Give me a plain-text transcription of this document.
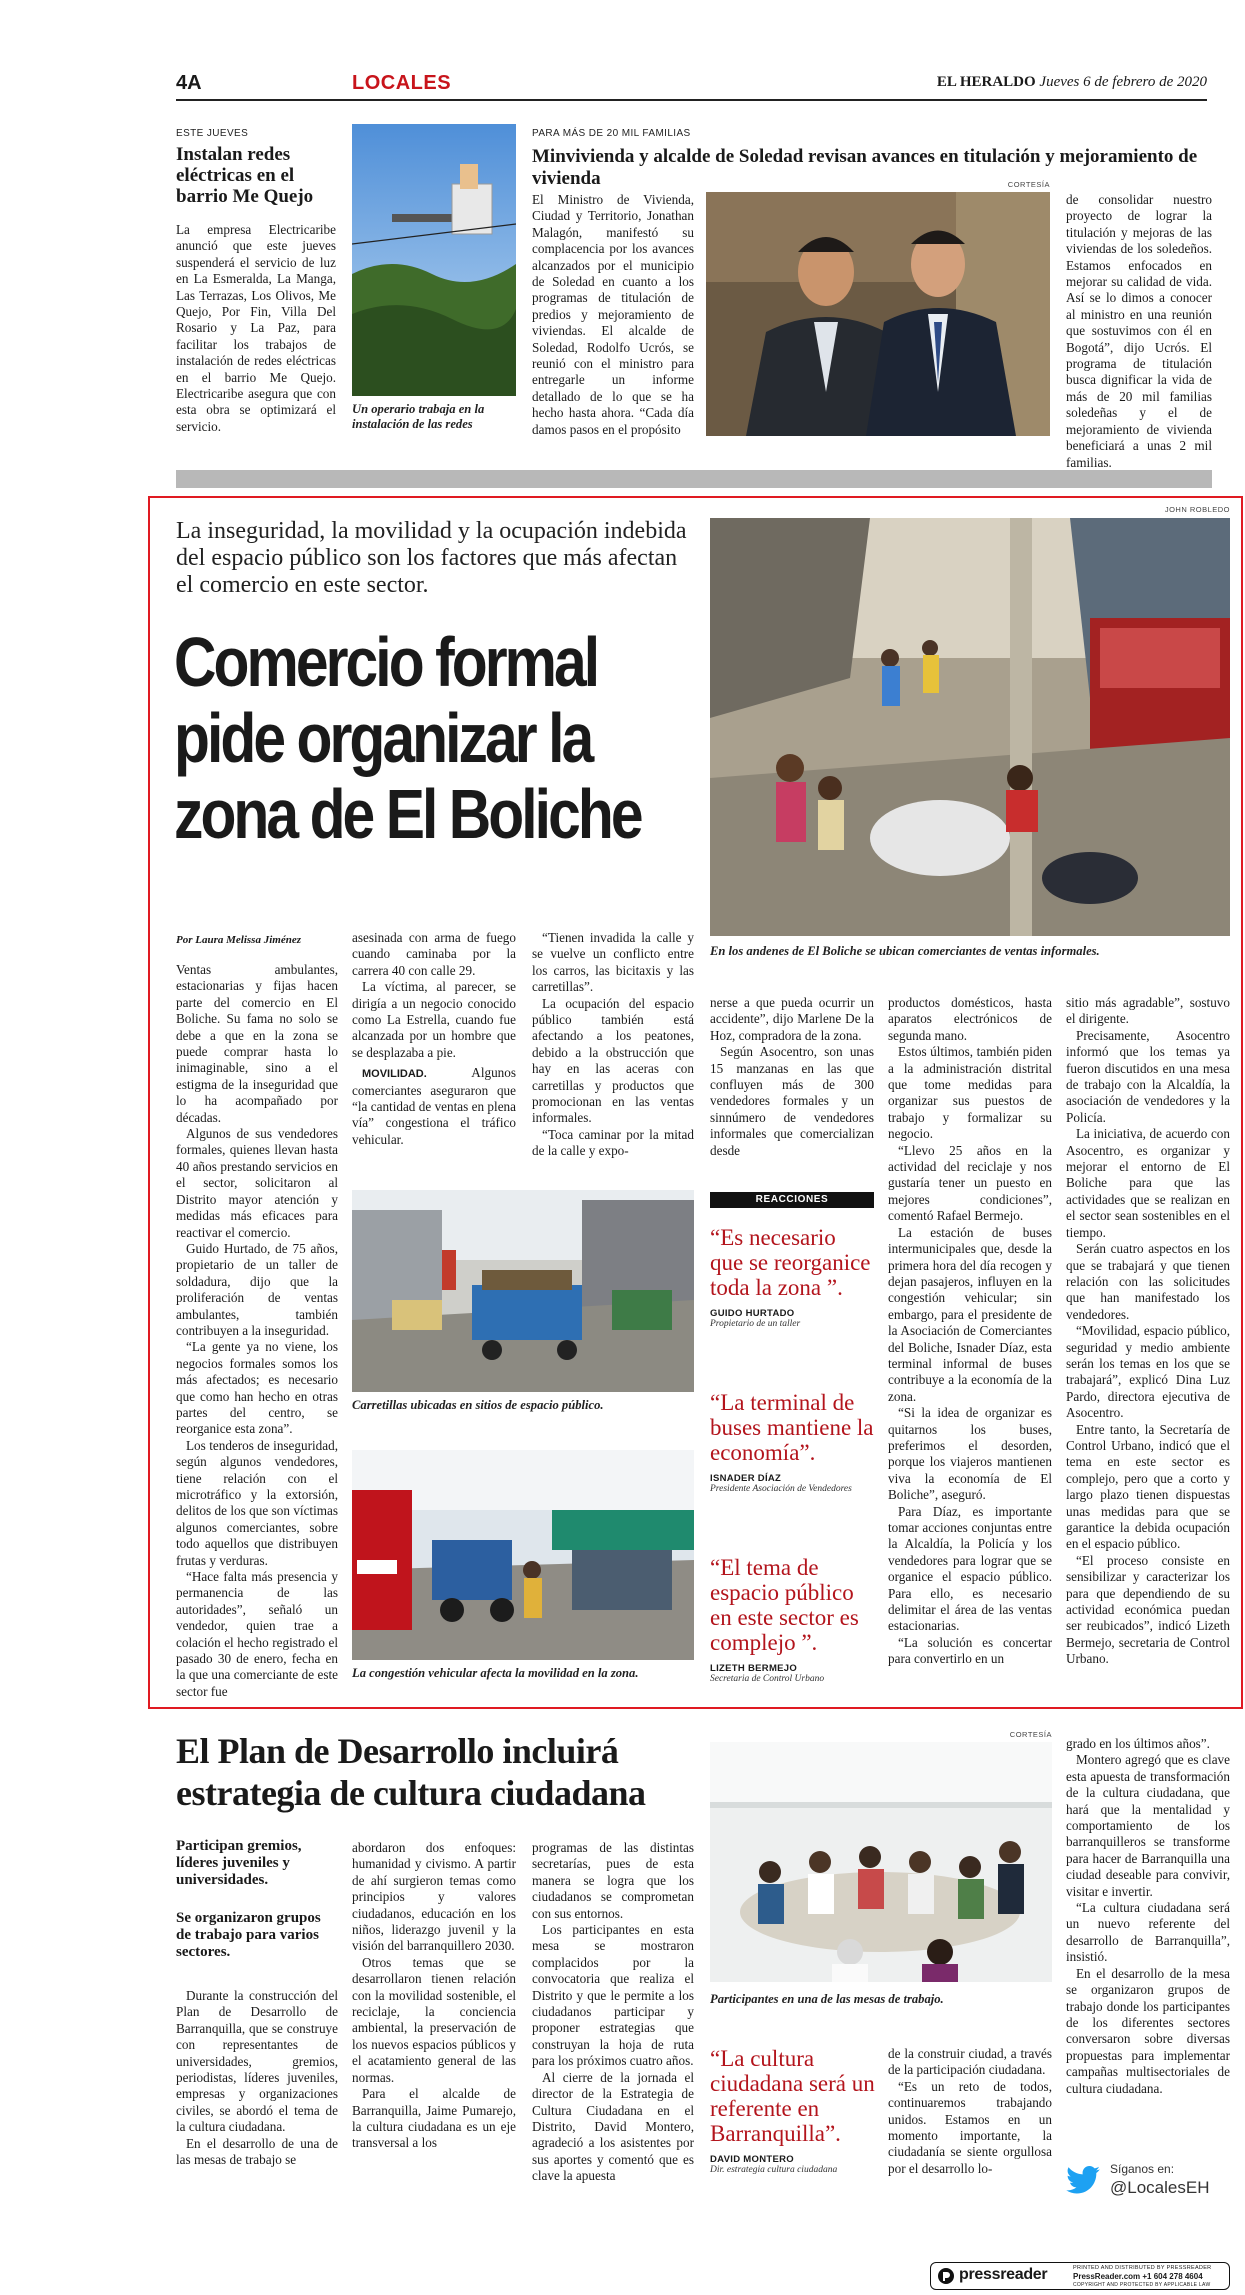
4A	LOCALES	EL HERALDO Jueves 6 de febrero de 2020
ESTE JUEVES
Instalan redes eléctricas en el barrio Me Quejo
La empresa Electricaribe anunció que este jueves suspenderá el servicio de luz en La Esmeralda, La Manga, Las Terrazas, Los Olivos, Me Quejo, Por Fin, Villa Del Rosario y La Paz, para facilitar los trabajos de instalación de redes eléctricas en el barrio Me Quejo. Electricaribe asegura que con esta obra se optimizará el servicio.
Un operario trabaja en la instalación de las redes
PARA MÁS DE 20 MIL FAMILIAS
Minvivienda y alcalde de Soledad revisan avances en titulación y mejoramiento de vivienda	CORTESÍA
El Ministro de Vivienda, Ciudad y Territorio, Jonathan Malagón, manifestó su complacencia por los avances alcanzados por el municipio de Soledad en cuanto a los programas de titulación de predios y mejoramiento de viviendas. El alcalde de Soledad, Rodolfo Ucrós, se reunió con el ministro para entregarle un informe detallado de lo que se ha hecho hasta ahora. “Cada día damos pasos en el propósito
de consolidar nuestro proyecto de lograr la titulación y mejoras de las viviendas de los soledeños. Estamos enfocados en mejorar su calidad de vida. Así se lo dimos a conocer al ministro en una reunión que sostuvimos con él en Bogotá”, dijo Ucrós. El programa de titulación busca dignificar la vida de más de 20 mil familias soledeñas y el de mejoramiento de vivienda beneficiará a unas 2 mil familias.
La inseguridad, la movilidad y la ocupación indebida del espacio público son los factores que más afectan el comercio en este sector.
Comercio formal pide organizar la zona de El Boliche
JOHN ROBLEDO
En los andenes de El Boliche se ubican comerciantes de ventas informales.
Por Laura Melissa Jiménez

Ventas ambulantes, estacionarias y fijas hacen parte del comercio en El Boliche. Su fama no solo se debe a que en la zona se puede comprar hasta lo inimaginable, sino a el estigma de la inseguridad que lo ha acompañado por décadas.

Algunos de sus vendedores formales, quienes llevan hasta 40 años prestando servicios en el sector, solicitaron al Distrito mayor atención y medidas más eficaces para reactivar el comercio.

Guido Hurtado, de 75 años, propietario de un taller de soldadura, dijo que la proliferación de ventas ambulantes, también contribuyen a la inseguridad.

“La gente ya no viene, los negocios formales somos los más afectados; es necesario que como han hecho en otras partes del centro, se reorganice esta zona”.

Los tenderos de inseguridad, según algunos vendedores, tiene relación con el microtráfico y la extorsión, delitos de los que son víctimas algunos comerciantes, sobre todo aquellos que distribuyen frutas y verduras.

“Hace falta más presencia y permanencia de las autoridades”, señaló un vendedor, quien trae a colación el hecho registrado el pasado 30 de enero, fecha en la que una comerciante de este sector fue

asesinada con arma de fuego cuando caminaba por la carrera 40 con calle 29.

La víctima, al parecer, se dirigía a un negocio conocido como La Estrella, cuando fue alcanzada por un hombre que se desplazaba a pie.

MOVILIDAD.	Algunos comerciantes aseguraron que “la cantidad de ventas en plena vía” congestiona el tráfico vehicular.

“Tienen invadida la calle y se vuelve un conflicto entre los carros, las bicitaxis y las carretillas”.

La ocupación del espacio público también está afectando a los peatones, debido a la obstrucción que hay en las aceras con carretillas y productos que promocionan en las ventas informales.

“Toca caminar por la mitad de la calle y expo-

Carretillas ubicadas en sitios de espacio público.
La congestión vehicular afecta la movilidad en la zona.

nerse a que pueda ocurrir un accidente”, dijo Marlene De la Hoz, compradora de la zona.

Según Asocentro, son unas 15 manzanas en las que confluyen más de 300 vendedores formales y un sinnúmero de vendedores informales que comercializan desde

REACCIONES
“Es necesario que se reorganice toda la zona ”.
GUIDO HURTADO
Propietario de un taller
“La terminal de buses mantiene la economía”.
ISNADER DÍAZ
Presidente Asociación de Vendedores
“El tema de espacio público en este sector es complejo ”.
LIZETH BERMEJO
Secretaria de Control Urbano

productos domésticos, hasta aparatos electrónicos de segunda mano.

Estos últimos, también piden a la administración distrital que tome medidas para organizar sus puestos de trabajo y formalizar su negocio.

“Llevo 25 años en la actividad del reciclaje y nos gustaría tener un puesto en mejores condiciones”, comentó Rafael Bermejo.

La estación de buses intermunicipales que, desde la primera hora del día recogen y dejan pasajeros, influyen en la congestión vehicular; sin embargo, para el presidente de la Asociación de Comerciantes del Boliche, Isnader Díaz, esta terminal informal de buses contribuye a la economía de la zona.

“Si la idea de organizar es quitarnos los buses, preferimos el desorden, porque los viajeros mantienen viva la economía de El Boliche”, aseguró.

Para Díaz, es importante tomar acciones conjuntas entre la Alcaldía, la Policía y los vendedores para lograr que se organice el espacio público. Para ello, es necesario delimitar el área de las ventas estacionarias.

“La solución es concertar para convertirlo en un

sitio más agradable”, sostuvo el dirigente.

Precisamente, Asocentro informó que los temas ya fueron discutidos en una mesa de trabajo con la Alcaldía, la asociación de vendedores y la Policía.

La iniciativa, de acuerdo con Asocentro, es organizar y mejorar el entorno de El Boliche para que las actividades que se realizan en el sector sean sostenibles en el tiempo.

Serán cuatro aspectos en los que se trabajará y que tienen relación con las solicitudes que han manifestado los vendedores.

“Movilidad, espacio público, seguridad y medio ambiente serán los temas en los que se trabajará”, explicó Dina Luz Pardo, directora ejecutiva de Asocentro.

Entre tanto, la Secretaría de Control Urbano, indicó que el tema en este sector es complejo, pero que a corto y largo plazo tienen dispuestas unas medidas para que se garantice la debida ocupación en el espacio público.

“El proceso consiste en sensibilizar y caracterizar los para que dependiendo de su actividad económica puedan ser reubicados”, indicó Lizeth Bermejo, secretaria de Control Urbano.

El Plan de Desarrollo incluirá estrategia de cultura ciudadana
Participan gremios, líderes juveniles y universidades.
Se organizaron grupos de trabajo para varios sectores.

Durante la construcción del Plan de Desarrollo de Barranquilla, que se construye con representantes de universidades, gremios, periodistas, líderes juveniles, empresas y organizaciones civiles, se abordó el tema de la cultura ciudadana.

En el desarrollo de una de las mesas de trabajo se

abordaron dos enfoques: humanidad y civismo. A partir de ahí surgieron temas como principios y valores ciudadanos, educación en los niños, liderazgo juvenil y la visión del barranquillero 2030.

Otros temas que se desarrollaron tienen relación con la movilidad sostenible, el reciclaje, la conciencia ambiental, la preservación de los nuevos espacios públicos y el acatamiento general de las normas.

Para el alcalde de Barranquilla, Jaime Pumarejo, la cultura ciudadana es un eje transversal a los

programas de las distintas secretarías, pues de esta manera se logra que los ciudadanos se comprometan con sus entornos.

Los participantes en esta mesa se mostraron complacidos por la convocatoria que realiza el Distrito y que le permite a los ciudadanos participar y proponer estrategias que construyan la hoja de ruta para los próximos cuatro años.

Al cierre de la jornada el director de la Estrategia de Cultura Ciudadana en el Distrito, David Montero, agradeció a los asistentes por sus aportes y comentó que es clave la apuesta

CORTESÍA
Participantes en una de las mesas de trabajo.
“La cultura ciudadana será un referente en Barranquilla”.
DAVID MONTERO
Dir. estrategia cultura ciudadana

de la construir ciudad, a través de la participación ciudadana.

“Es un reto de todos, continuaremos trabajando unidos. Estamos en un momento importante, la ciudadanía se siente orgullosa por el desarrollo lo-

grado en los últimos años”.

Montero agregó que es clave esta apuesta de transformación de la cultura ciudadana, que hará que la mentalidad y comportamiento de los barranquilleros se transforme para hacer de Barranquilla una ciudad deseable para convivir, visitar e invertir.

“La cultura ciudadana será un nuevo referente del desarrollo de Barranquilla”, insistió.

En el desarrollo de la mesa se organizaron grupos de trabajo donde los participantes de los diferentes sectores conversaron sobre diversas propuestas para implementar campañas multisectoriales de cultura ciudadana.

Síganos en:
@LocalesEH
pressreader	PRINTED AND DISTRIBUTED BY PRESSREADER
PressReader.com +1 604 278 4604
COPYRIGHT AND PROTECTED BY APPLICABLE LAW
